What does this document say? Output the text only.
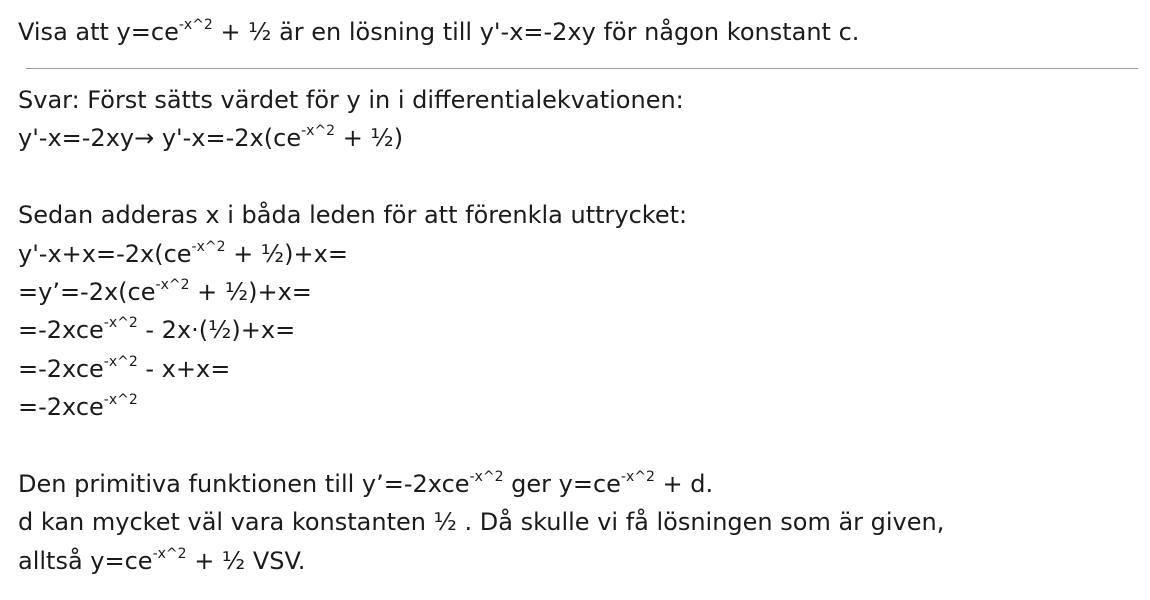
Visa att $y=ce^{-x\^{}2}$ + ½ är en lösning till y'-x=-2xy för någon konstant c.
Svar: Först sätts värdet för y in i differentialekvationen:
$y'-x=-2xy\to y'-x=-2x(ce^{-x\^{}2}$ + ½)
Sedan adderas x i båda leden för att förenkla uttrycket:
$y'-x+x=-2x(ce^{-x\^{}2}$ + ½)+x=
$=y’=-2x(ce^{-x\^{}2}$ + ½)+x=
=-2xce$^{-x\^{}2}$ - 2x·(½)+x=
=-2xce$^{-x\^{}2}$ - x+x=
=-2xce$^{-x\^{}2}$
Den primitiva funktionen till y’=-2xce$^{-x\^{}2}$ ger $y=ce^{-x\^{}2} + d$.
d kan mycket väl vara konstanten ½ . Då skulle vi få lösningen som är given,
alltså $y=ce^{-x\^{}2}$ + ½ VSV.
